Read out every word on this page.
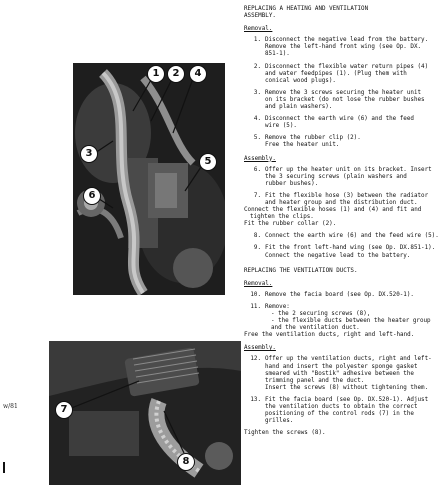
w/81
1	2	4
3
5
6
7
8
REPLACING A HEATING AND VENTILATION
ASSEMBLY.
Removal.
1. Disconnect the negative lead from the battery.
Remove the left-hand front wing (see Op. DX.
851-1).
2. Disconnect the flexible water return pipes (4)
and water feedpipes (1). (Plug them with
conical wood plugs).
3. Remove the 3 screws securing the heater unit
on its bracket (do not lose the rubber bushes
and plain washers).
4. Disconnect the earth wire (6) and the feed
wire (5).
5. Remove the rubber clip (2).
Free the heater unit.
Assembly.
6. Offer up the heater unit on its bracket. Insert
the 3 securing screws (plain washers and
rubber bushes).
7. Fit the flexible hose (3) between the radiator
and heater group and the distribution duct.
Connect the flexible hoses (1) and (4) and fit and
tighten the clips.
Fit the rubber collar (2).
8. Connect the earth wire (6) and the feed wire (5).
9. Fit the front left-hand wing (see Op. DX.851-1).
Connect the negative lead to the battery.
REPLACING THE VENTILATION DUCTS.
Removal.
10. Remove the facia board (see Op. DX.520-1).
11. Remove:
- the 2 securing screws (8),
- the flexible ducts between the heater group
and the ventilation duct.
Free the ventilation ducts, right and left-hand.
Assembly.
12. Offer up the ventilation ducts, right and left-
hand and insert the polyester sponge gasket
smeared with "Bostik" adhesive between the
trimming panel and the duct.
Insert the screws (8) without tightening them.
13. Fit the facia board (see Op. DX.520-1). Adjust
the ventilation ducts to obtain the correct
positioning of the control rods (7) in the grilles.
Tighten the screws (8).
